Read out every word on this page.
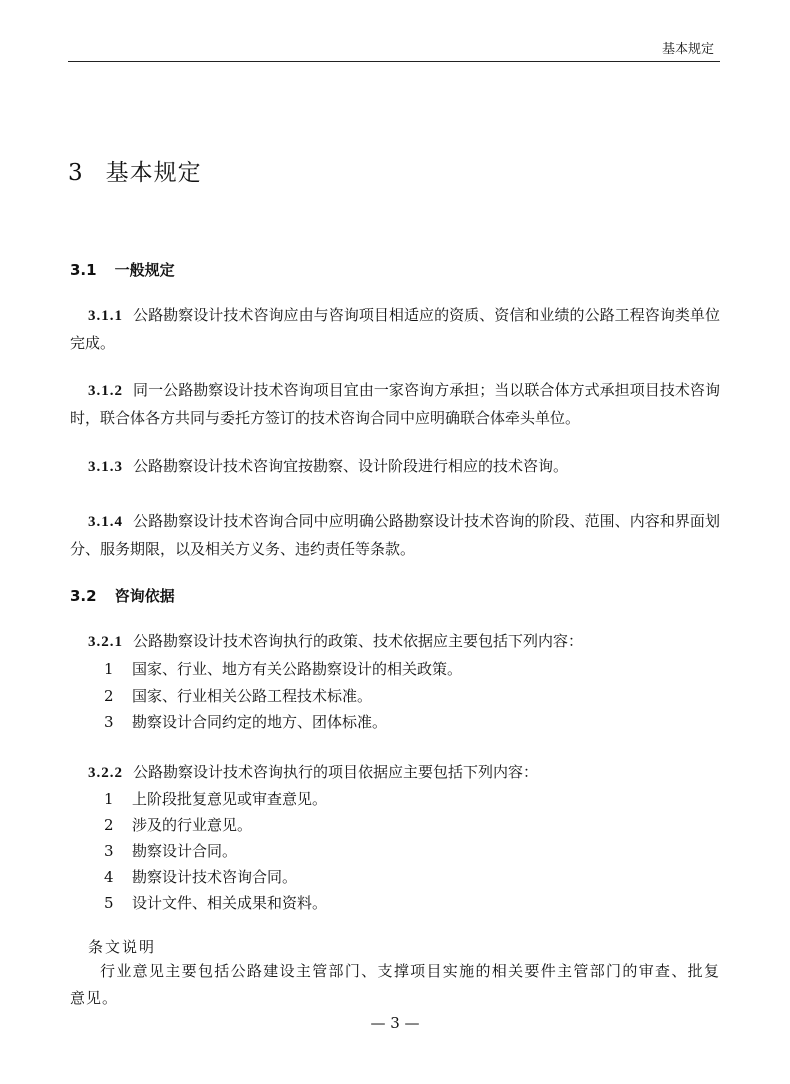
基本规定
3 基本规定
3.1 一般规定
3.1.1 公路勘察设计技术咨询应由与咨询项目相适应的资质、资信和业绩的公路工程咨询类单位完成。
3.1.2 同一公路勘察设计技术咨询项目宜由一家咨询方承担；当以联合体方式承担项目技术咨询时，联合体各方共同与委托方签订的技术咨询合同中应明确联合体牵头单位。
3.1.3 公路勘察设计技术咨询宜按勘察、设计阶段进行相应的技术咨询。
3.1.4 公路勘察设计技术咨询合同中应明确公路勘察设计技术咨询的阶段、范围、内容和界面划分、服务期限，以及相关方义务、违约责任等条款。
3.2 咨询依据
3.2.1 公路勘察设计技术咨询执行的政策、技术依据应主要包括下列内容：
1 国家、行业、地方有关公路勘察设计的相关政策。
2 国家、行业相关公路工程技术标准。
3 勘察设计合同约定的地方、团体标准。
3.2.2 公路勘察设计技术咨询执行的项目依据应主要包括下列内容：
1 上阶段批复意见或审查意见。
2 涉及的行业意见。
3 勘察设计合同。
4 勘察设计技术咨询合同。
5 设计文件、相关成果和资料。
条文说明
行业意见主要包括公路建设主管部门、支撑项目实施的相关要件主管部门的审查、批复意见。
— 3 —
